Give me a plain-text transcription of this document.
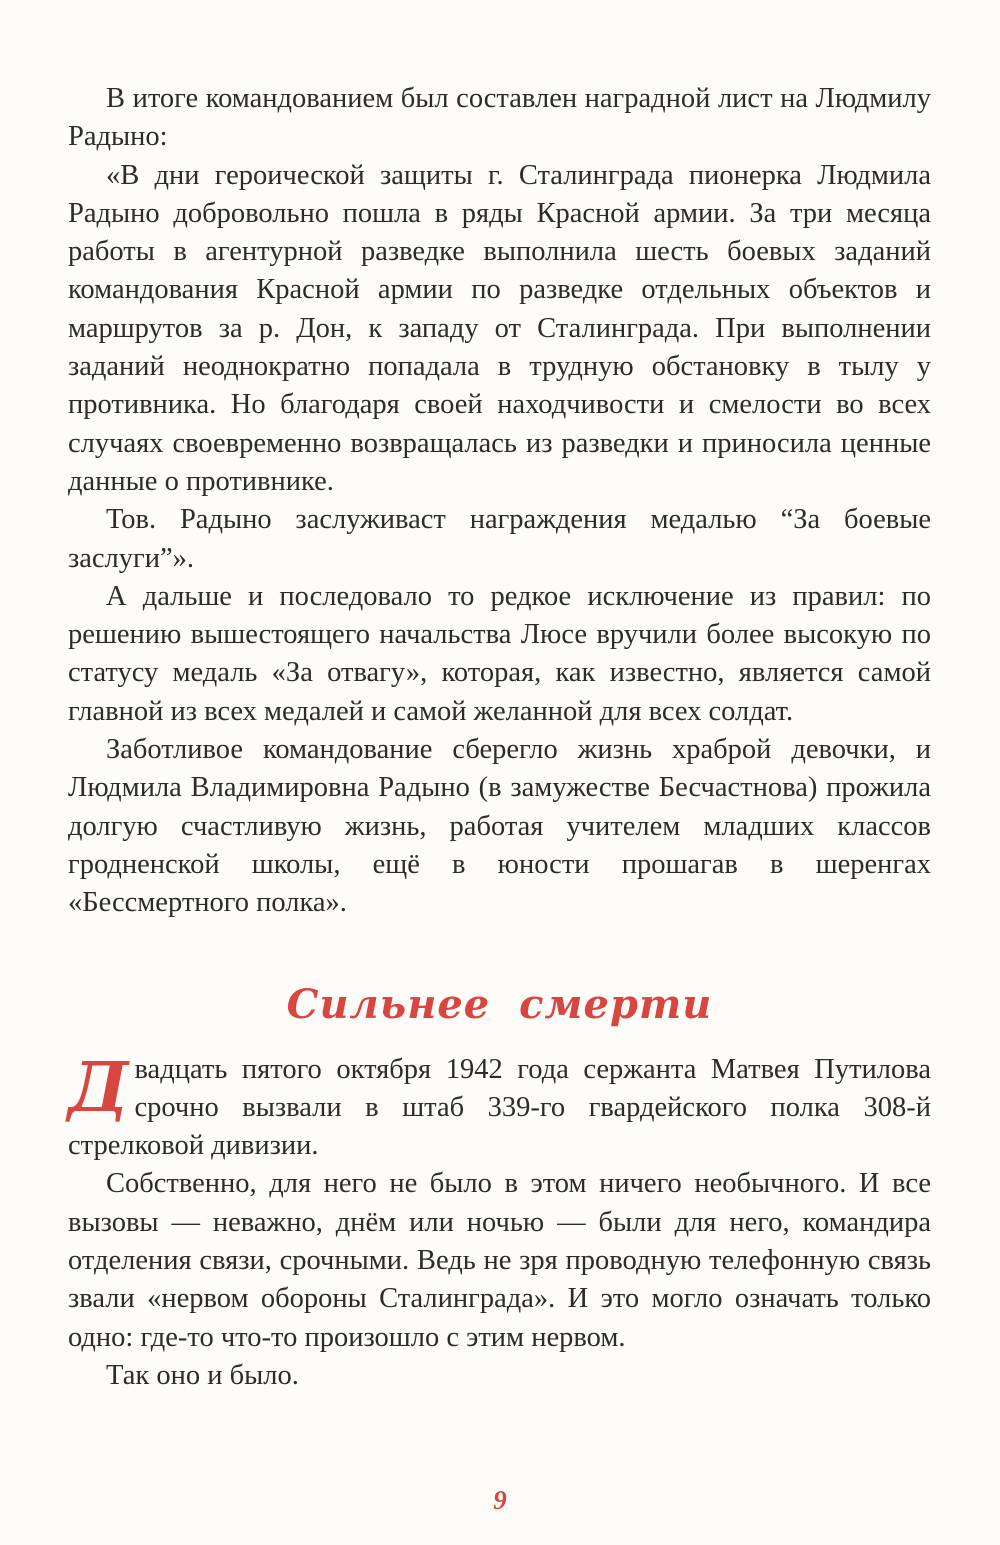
В итоге командованием был составлен наградной лист на Людмилу Радыно:

«В дни героической защиты г. Сталинграда пионерка Людмила Радыно добровольно пошла в ряды Красной армии. За три месяца работы в агентурной разведке выполнила шесть боевых заданий командования Красной армии по разведке отдельных объектов и маршрутов за р. Дон, к западу от Сталинграда. При выполнении заданий неоднократно попадала в трудную обстановку в тылу у противника. Но благодаря своей находчивости и смелости во всех случаях своевременно возвращалась из разведки и приносила ценные данные о противнике.

Тов. Радыно заслуживаст награждения медалью “За боевые заслуги”».

А дальше и последовало то редкое исключение из правил: по решению вышестоящего начальства Люсе вручили более высокую по статусу медаль «За отвагу», которая, как известно, является самой главной из всех медалей и самой желанной для всех солдат.

Заботливое командование сберегло жизнь храброй девочки, и Людмила Владимировна Радыно (в замужестве Бесчастнова) прожила долгую счастливую жизнь, работая учителем младших классов гродненской школы, ещё в юности прошагав в шеренгах «Бессмертного полка».

Сильнее смерти

Двадцать пятого октября 1942 года сержанта Матвея Путилова срочно вызвали в штаб 339-го гвардейского полка 308-й стрелковой дивизии.

Собственно, для него не было в этом ничего необычного. И все вызовы — неважно, днём или ночью — были для него, командира отделения связи, срочными. Ведь не зря проводную телефонную связь звали «нервом обороны Сталинграда». И это могло означать только одно: где-то что-то произошло с этим нервом.

Так оно и было.

9
